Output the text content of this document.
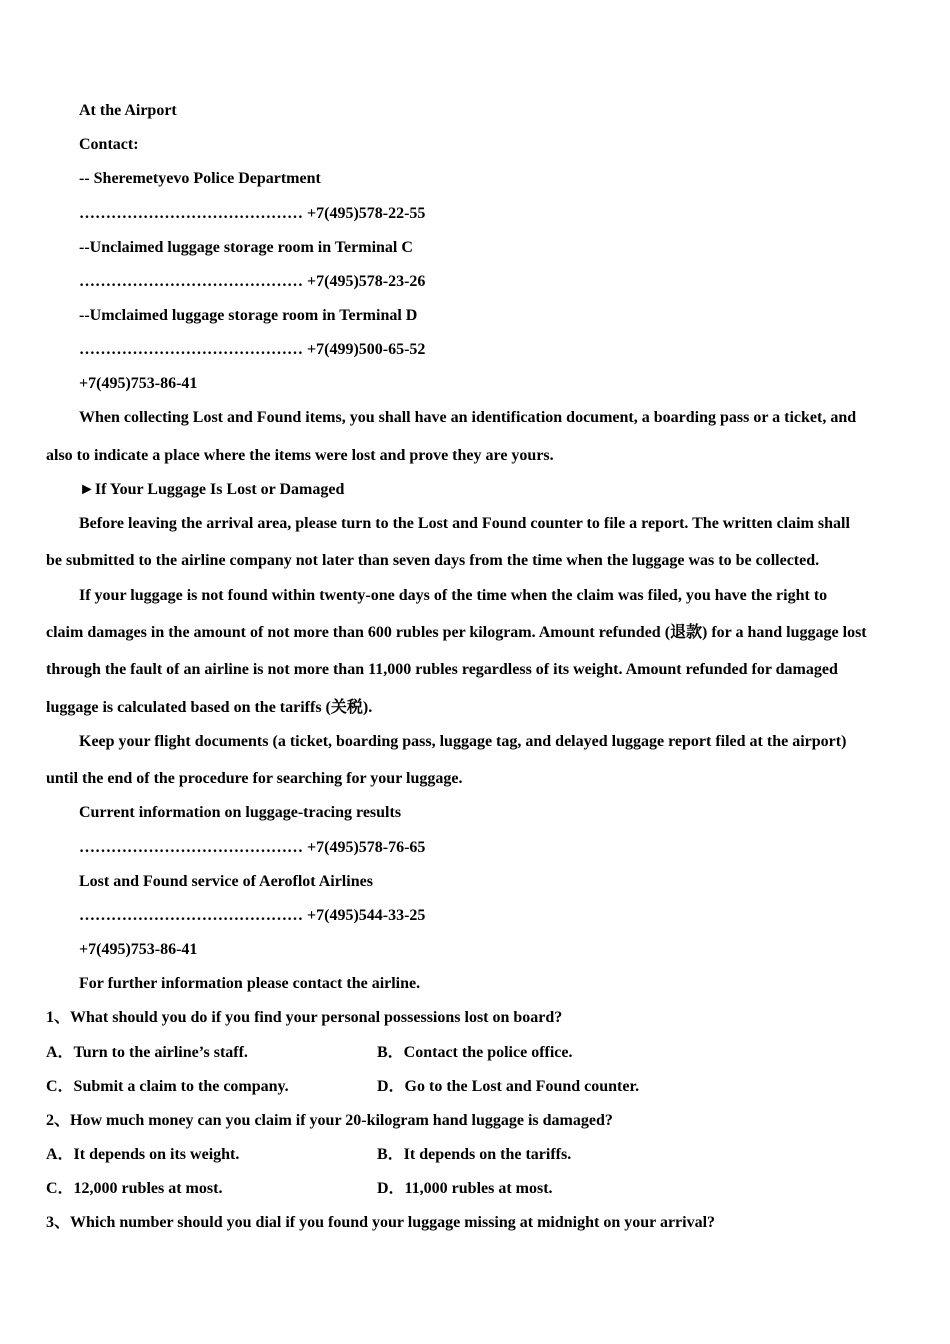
At the Airport
Contact:
-- Sheremetyevo Police Department
…………………………………… +7(495)578-22-55
--Unclaimed luggage storage room in Terminal C
…………………………………… +7(495)578-23-26
--Umclaimed luggage storage room in Terminal D
…………………………………… +7(499)500-65-52
+7(495)753-86-41
When collecting Lost and Found items, you shall have an identification document, a boarding pass or a ticket, and
also to indicate a place where the items were lost and prove they are yours.
►If Your Luggage Is Lost or Damaged
Before leaving the arrival area, please turn to the Lost and Found counter to file a report. The written claim shall
be submitted to the airline company not later than seven days from the time when the luggage was to be collected.
If your luggage is not found within twenty-one days of the time when the claim was filed, you have the right to
claim damages in the amount of not more than 600 rubles per kilogram. Amount refunded (退款) for a hand luggage lost
through the fault of an airline is not more than 11,000 rubles regardless of its weight. Amount refunded for damaged
luggage is calculated based on the tariffs (关税).
Keep your flight documents (a ticket, boarding pass, luggage tag, and delayed luggage report filed at the airport)
until the end of the procedure for searching for your luggage.
Current information on luggage-tracing results
…………………………………… +7(495)578-76-65
Lost and Found service of Aeroflot Airlines
…………………………………… +7(495)544-33-25
+7(495)753-86-41
For further information please contact the airline.
1、What should you do if you find your personal possessions lost on board?
A．Turn to the airline’s staff.	B．Contact the police office.
C．Submit a claim to the company.	D．Go to the Lost and Found counter.
2、How much money can you claim if your 20-kilogram hand luggage is damaged?
A．It depends on its weight.	B．It depends on the tariffs.
C．12,000 rubles at most.	D．11,000 rubles at most.
3、Which number should you dial if you found your luggage missing at midnight on your arrival?
